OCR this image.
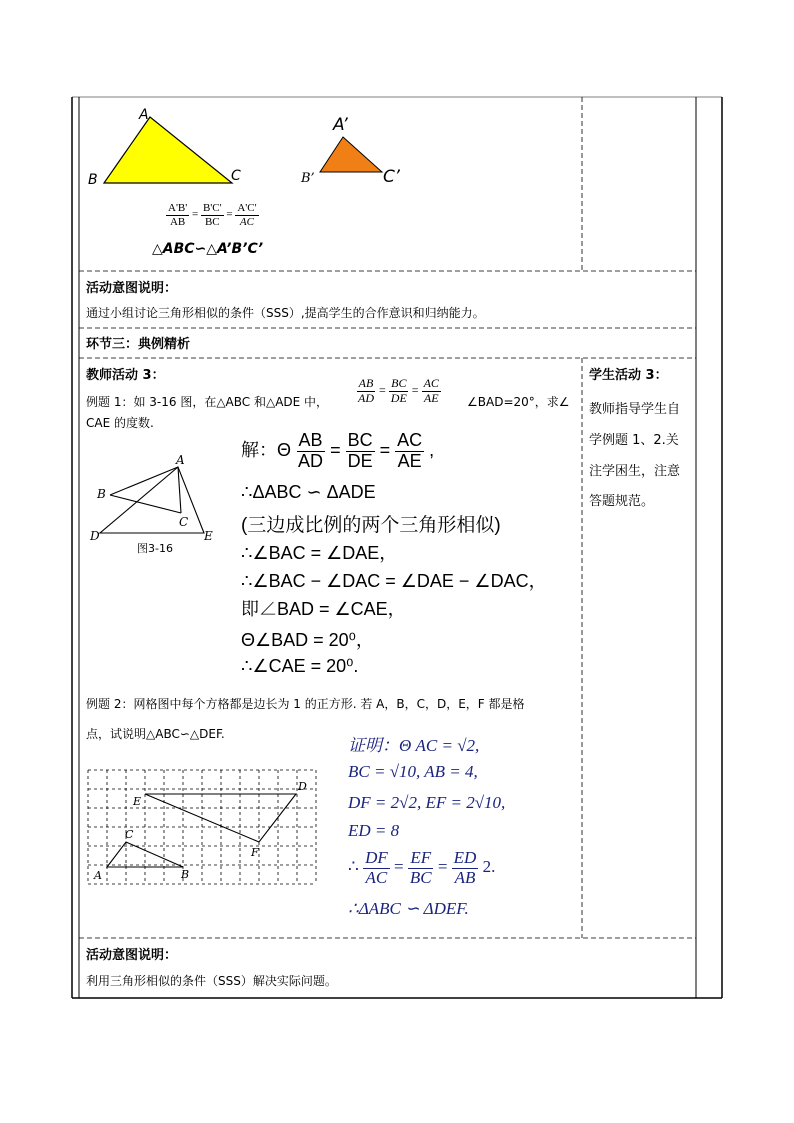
A
B	C
A’
B’	C’
$\frac{A'B'}{AB} = \frac{B'C'}{BC} = \frac{A'C'}{AC}$
△ABC∽△A’B’C’
活动意图说明：
通过小组讨论三角形相似的条件（SSS）,提高学生的合作意识和归纳能力。
环节三：典例精析
教师活动 3：
例题 1：如 3-16 图，在△ABC 和△ADE 中， $\frac{AB}{AD} = \frac{BC}{DE} = \frac{AC}{AE}$ ∠BAD=20°，求∠
CAE 的度数.
A
B
C
D	E
图3-16
解：Θ $\frac{AB}{AD} = \frac{BC}{DE} = \frac{AC}{AE}$ ,
∴ΔABC ∽ ΔADE
(三边成比例的两个三角形相似)
∴∠BAC = ∠DAE，
∴∠BAC − ∠DAC = ∠DAE − ∠DAC，
即∠BAD = ∠CAE，
Θ∠BAD = 20⁰，
∴∠CAE = 20⁰.
例题 2：网格图中每个方格都是边长为 1 的正方形. 若 A，B，C，D，E，F 都是格
点，试说明△ABC∽△DEF.
A	B
C
D
E
F
证明：Θ AC = √2,
BC = √10, AB = 4,
DF = 2√2, EF = 2√10,
ED = 8
∴ $\frac{DF}{AC} = \frac{EF}{BC} = \frac{ED}{AB} 2$.
∴ΔABC ∽ ΔDEF.
学生活动 3：
教师指导学生自
学例题 1、2.关
注学困生，注意
答题规范。
活动意图说明：
利用三角形相似的条件（SSS）解决实际问题。
